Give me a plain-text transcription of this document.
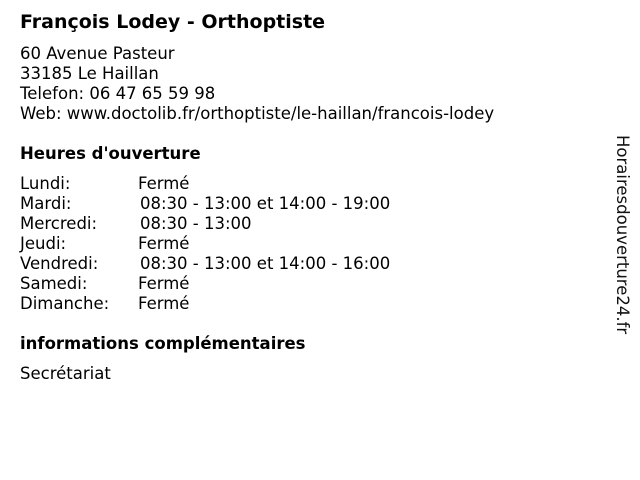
François Lodey - Orthoptiste
60 Avenue Pasteur
33185 Le Haillan
Telefon: 06 47 65 59 98
Web: www.doctolib.fr/orthoptiste/le-haillan/francois-lodey
Heures d'ouverture
Lundi:	Fermé
Mardi:	08:30 - 13:00 et 14:00 - 19:00
Mercredi:	08:30 - 13:00
Jeudi:	Fermé
Vendredi:	08:30 - 13:00 et 14:00 - 16:00
Samedi:	Fermé
Dimanche: Fermé
informations complémentaires
Secrétariat
Horairesdouverture24.fr
